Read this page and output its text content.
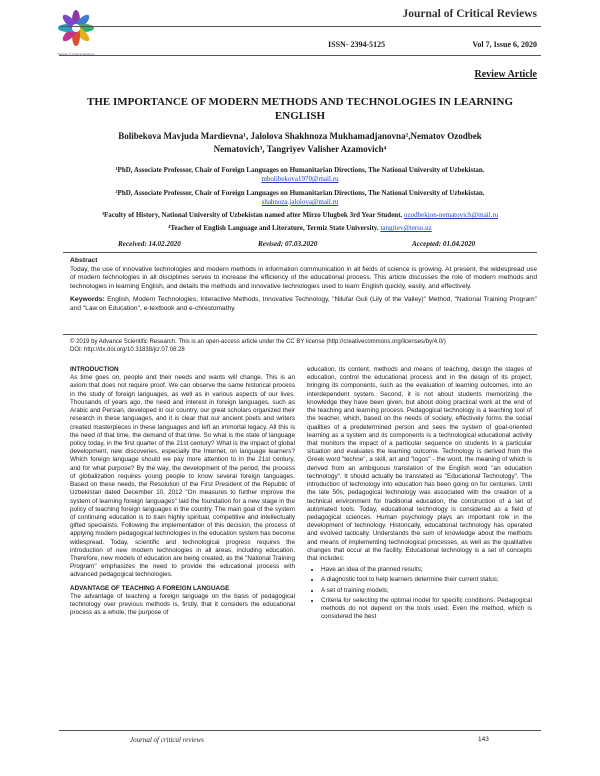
Journal of Critical Reviews
Journal of Critical Reviews
ISSN- 2394-5125	Vol 7, Issue 6, 2020
Review Article
THE IMPORTANCE OF MODERN METHODS AND TECHNOLOGIES IN LEARNING ENGLISH
Bolibekova Mavjuda Mardievna¹, Jalolova Shakhnoza Mukhamadjanovna²,Nematov Ozodbek
Nematovich³, Tangriyev Valisher Azamovich⁴
¹PhD, Associate Professor, Chair of Foreign Languages on Humanitarian Directions, The National University of Uzbekistan.
mbolibekova1970@mail.ru
²PhD, Associate Professor, Chair of Foreign Languages on Humanitarian Directions, The National University of Uzbekistan.
shahnoza.jalolova@mail.ru
³Faculty of History, National University of Uzbekistan named after Mirzo Ulugbek 3rd Year Student. ozodbekjon-nematovich@mail.ru
⁴Teacher of English Language and Literature, Termiz State University. tangriev@tersu.uz
Received: 14.02.2020	Revised: 07.03.2020	Accepted: 01.04.2020
Abstract
Today, the use of innovative technologies and modern methods in information communication in all fields of science is growing. At present, the widespread use of modern technologies in all disciplines serves to increase the efficiency of the educational process. This article discusses the role of modern methods and technologies in learning English, and details the methods and innovative technologies used to learn English quickly, easily, and effectively.
Keywords: English, Modern Technologies, Interactive Methods, Innovative Technology, "Nilufar Guli (Lily of the Valley)" Method, "National Training Program" and "Law on Education", e-textbook and e-chrestomathy.
© 2019 by Advance Scientific Research. This is an open-access article under the CC BY license (http://creativecommons.org/licenses/by/4.0/)
DOI: http://dx.doi.org/10.31838/jcr.07.06.28
INTRODUCTION
As time goes on, people and their needs and wants will change. This is an axiom that does not require proof. We can observe the same historical process in the study of foreign languages, as well as in various aspects of our lives. Thousands of years ago, the need and interest in foreign languages, such as Arabic and Persian, developed in our country, our great scholars organized their research in these languages, and it is clear that our ancient poets and writers created masterpieces in these languages and left an immortal legacy. All this is the need of that time, the demand of that time. So what is the state of language policy today, in the first quarter of the 21st century? What is the impact of global development, new discoveries, especially the Internet, on language learners? Which foreign language should we pay more attention to in the 21st century, and for what purpose? By the way, the development of the period, the process of globalization requires young people to know several foreign languages. Based on these needs, the Resolution of the First President of the Republic of Uzbekistan dated December 10, 2012 "On measures to further improve the system of learning foreign languages" laid the foundation for a new stage in the policy of teaching foreign languages in the country. The main goal of the system of continuing education is to train highly spiritual, competitive and intellectually gifted specialists. Following the implementation of this decision, the process of applying modern pedagogical technologies in the education system has become widespread. Today, scientific and technological progress requires the introduction of new modern technologies in all areas, including education. Therefore, new models of education are being created, as the "National Training Program" emphasizes the need to provide the educational process with advanced pedagogical technologies.
ADVANTAGE OF TEACHING A FOREIGN LANGUAGE
The advantage of teaching a foreign language on the basis of pedagogical technology over previous methods is, firstly, that it considers the educational process as a whole, the purpose of
education, its content, methods and means of teaching, design the stages of education, control the educational process and in the design of its project, bringing its components, such as the evaluation of learning outcomes, into an interdependent system. Second, it is not about students memorizing the knowledge they have been given, but about doing practical work at the end of the teaching and learning process. Pedagogical technology is a teaching tool of the teacher, which, based on the needs of society, effectively forms the social qualities of a predetermined person and sees the system of goal-oriented learning as a system and its components is a technological educational activity that monitors the impact of a particular sequence on students in a particular situation and evaluates the learning outcome. Technology is derived from the Greek word "techne", a skill, art and "logos" - the word, the meaning of which is derived from an ambiguous translation of the English word "an education technology". It should actually be translated as "Educational Technology". The introduction of technology into education has been going on for centuries. Until the late 50s, pedagogical technology was associated with the creation of a technical environment for traditional education, the construction of a set of automated tools. Today, educational technology is considered as a field of pedagogical sciences. Human psychology plays an important role in the development of technology. Historically, educational technology has operated and evolved tactically. Understands the sum of knowledge about the methods and means of implementing technological processes, as well as the qualitative changes that occur at the facility. Educational technology is a set of concepts that includes:
• Have an idea of the planned results;
• A diagnostic tool to help learners determine their current status;
• A set of training models;
• Criteria for selecting the optimal model for specific conditions. Pedagogical methods do not depend on the tools used. Even the method, which is considered the best
Journal of critical reviews	143
